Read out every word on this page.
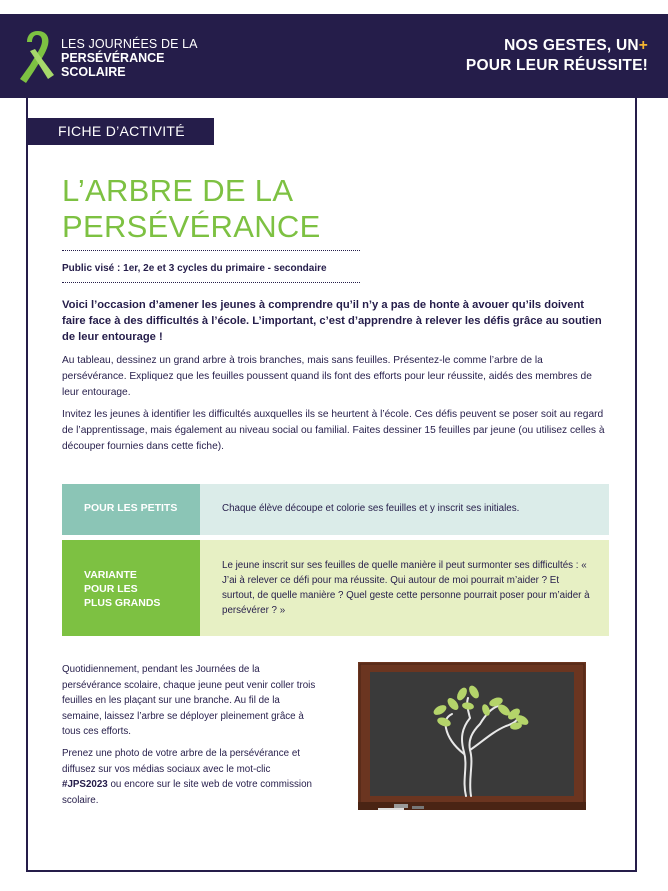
LES JOURNÉES DE LA
PERSÉVÉRANCE
SCOLAIRE
NOS GESTES, UN+
POUR LEUR RÉUSSITE!
FICHE D’ACTIVITÉ
L’ARBRE DE LA
PERSÉVÉRANCE
Public visé : 1er, 2e et 3 cycles du primaire - secondaire
Voici l’occasion d’amener les jeunes à comprendre qu’il n’y a pas de honte à avouer qu’ils doivent faire face à des difficultés à l’école. L’important, c’est d’apprendre à relever les défis grâce au soutien de leur entourage !
Au tableau, dessinez un grand arbre à trois branches, mais sans feuilles. Présentez-le comme l’arbre de la persévérance. Expliquez que les feuilles poussent quand ils font des efforts pour leur réussite, aidés des membres de leur entourage.
Invitez les jeunes à identifier les difficultés auxquelles ils se heurtent à l’école. Ces défis peuvent se poser soit au regard de l’apprentissage, mais également au niveau social ou familial. Faites dessiner 15 feuilles par jeune (ou utilisez celles à découper fournies dans cette fiche).
POUR LES PETITS	Chaque élève découpe et colorie ses feuilles et y inscrit ses initiales.
VARIANTE
POUR LES
PLUS GRANDS
Le jeune inscrit sur ses feuilles de quelle manière il peut surmonter ses difficultés : « J’ai à relever ce défi pour ma réussite. Qui autour de moi pourrait m’aider ? Et surtout, de quelle manière ? Quel geste cette personne pourrait poser pour m’aider à persévérer ? »
Quotidiennement, pendant les Journées de la persévérance scolaire, chaque jeune peut venir coller trois feuilles en les plaçant sur une branche. Au fil de la semaine, laissez l’arbre se déployer pleinement grâce à tous ces efforts.
Prenez une photo de votre arbre de la persévérance et diffusez sur vos médias sociaux avec le mot-clic #JPS2023 ou encore sur le site web de votre commission scolaire.
